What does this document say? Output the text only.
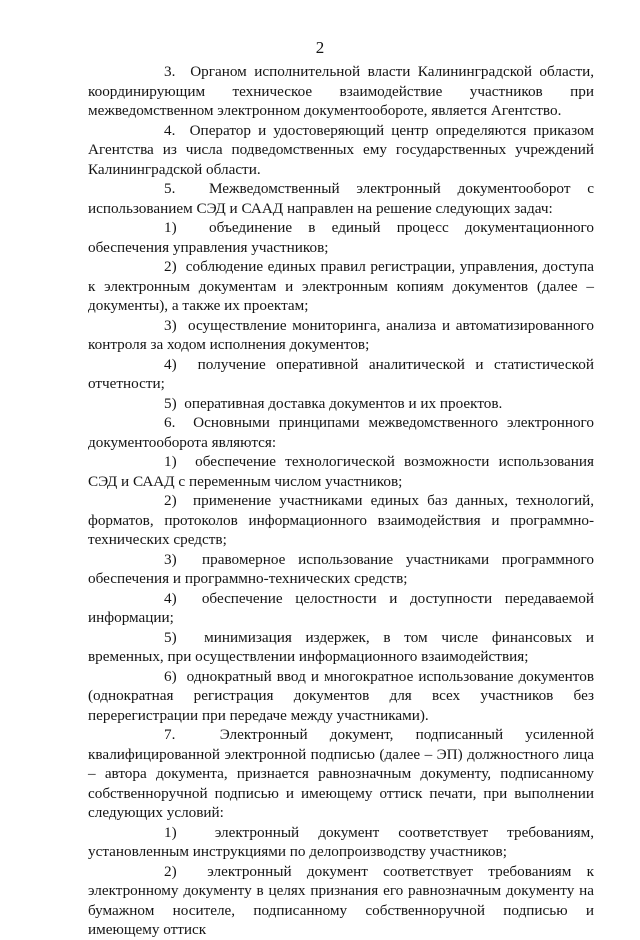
2

3. Органом исполнительной власти Калининградской области, координирующим техническое взаимодействие участников при межведомственном электронном документообороте, является Агентство.

4. Оператор и удостоверяющий центр определяются приказом Агентства из числа подведомственных ему государственных учреждений Калининградской области.

5. Межведомственный электронный документооборот с использованием СЭД и СААД направлен на решение следующих задач:

1) объединение в единый процесс документационного обеспечения управления участников;

2) соблюдение единых правил регистрации, управления, доступа к электронным документам и электронным копиям документов (далее – документы), а также их проектам;

3) осуществление мониторинга, анализа и автоматизированного контроля за ходом исполнения документов;

4) получение оперативной аналитической и статистической отчетности;

5) оперативная доставка документов и их проектов.

6. Основными принципами межведомственного электронного документооборота являются:

1) обеспечение технологической возможности использования СЭД и СААД с переменным числом участников;

2) применение участниками единых баз данных, технологий, форматов, протоколов информационного взаимодействия и программно-технических средств;

3) правомерное использование участниками программного обеспечения и программно-технических средств;

4) обеспечение целостности и доступности передаваемой информации;

5) минимизация издержек, в том числе финансовых и временных, при осуществлении информационного взаимодействия;

6) однократный ввод и многократное использование документов (однократная регистрация документов для всех участников без перерегистрации при передаче между участниками).

7.	Электронный документ, подписанный усиленной квалифицированной электронной подписью (далее – ЭП) должностного лица – автора документа, признается равнозначным документу, подписанному собственноручной подписью и имеющему оттиск печати, при выполнении следующих условий:

1)	электронный документ соответствует требованиям, установленным инструкциями по делопроизводству участников;

2) электронный документ соответствует требованиям к электронному документу в целях признания его равнозначным документу на бумажном носителе, подписанному собственноручной подписью и имеющему оттиск
